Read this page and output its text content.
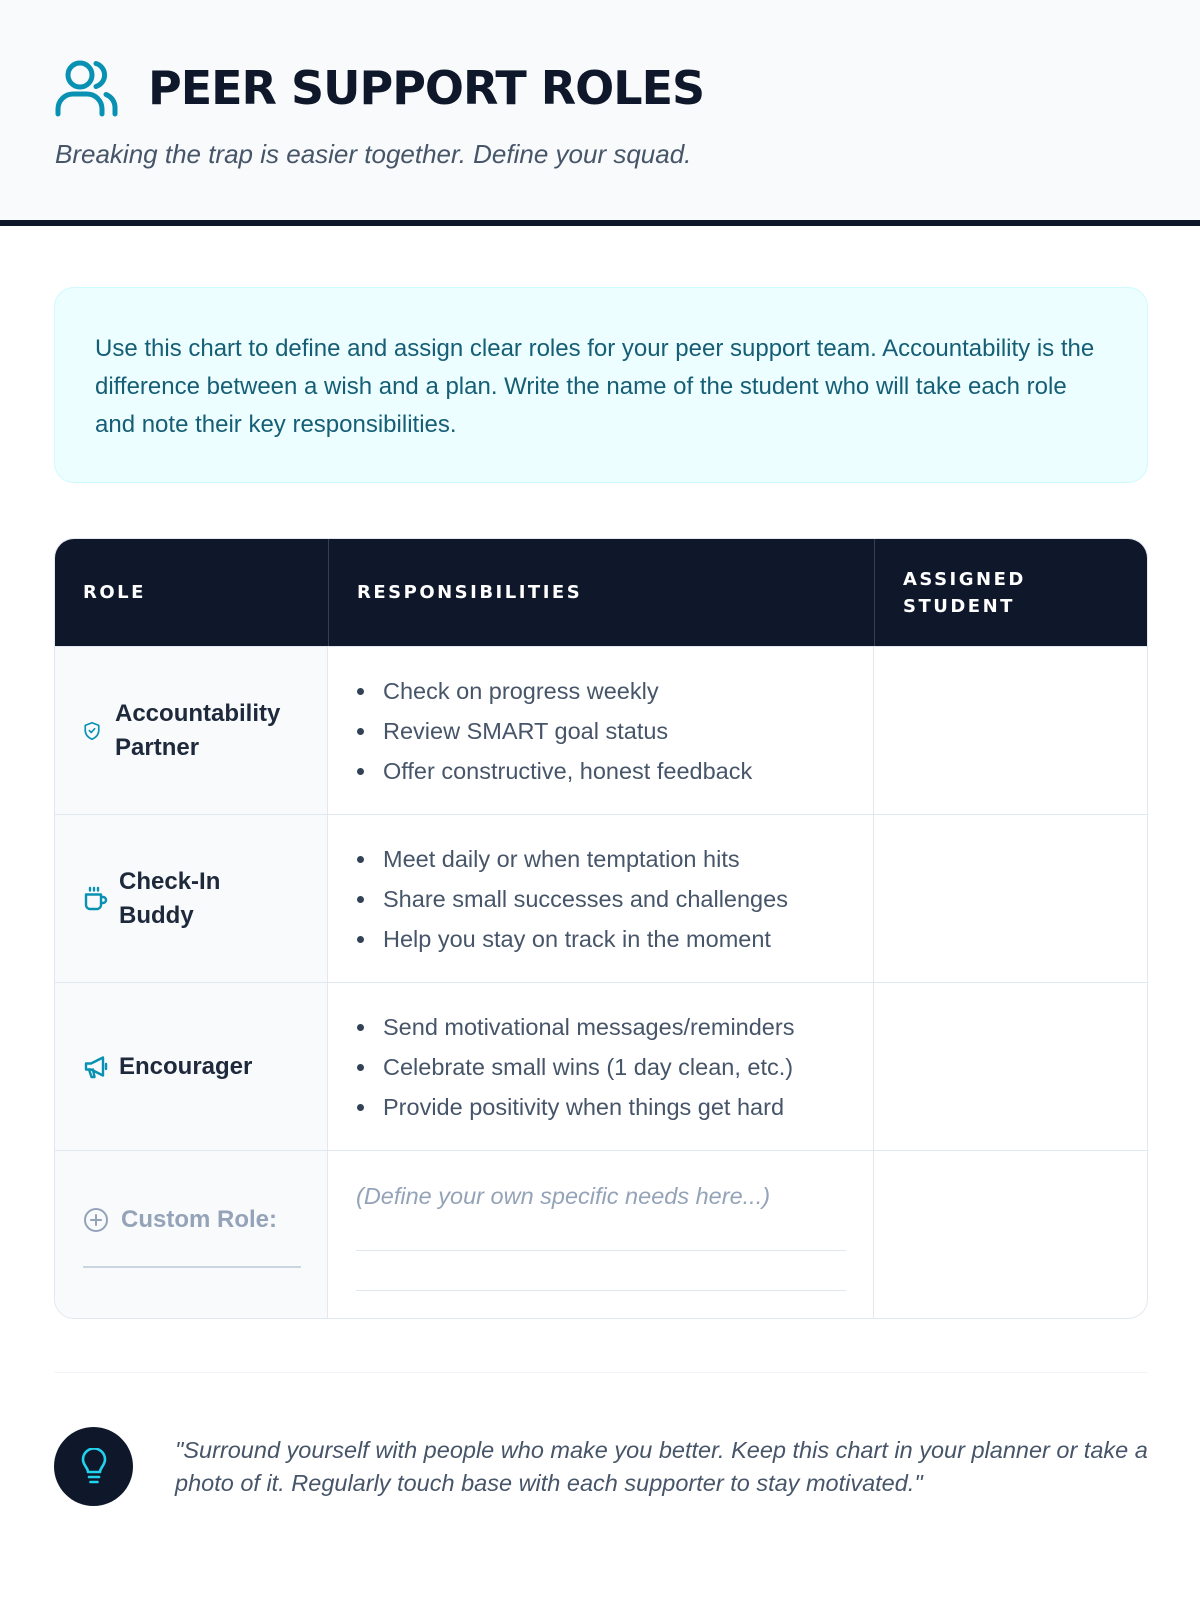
PEER SUPPORT ROLES

Breaking the trap is easier together. Define your squad.

Use this chart to define and assign clear roles for your peer support team. Accountability is the difference between a wish and a plan. Write the name of the student who will take each role and note their key responsibilities.

ROLE	RESPONSIBILITIES
ASSIGNED STUDENT
Accountability Partner
Check on progress weekly
Review SMART goal status
Offer constructive, honest feedback
Check-In Buddy
Meet daily or when temptation hits
Share small successes and challenges
Help you stay on track in the moment
Encourager
Send motivational messages/reminders
Celebrate small wins (1 day clean, etc.)
Provide positivity when things get hard
Custom Role:

(Define your own specific needs here...)

"Surround yourself with people who make you better. Keep this chart in your planner or take a photo of it. Regularly touch base with each supporter to stay motivated."
